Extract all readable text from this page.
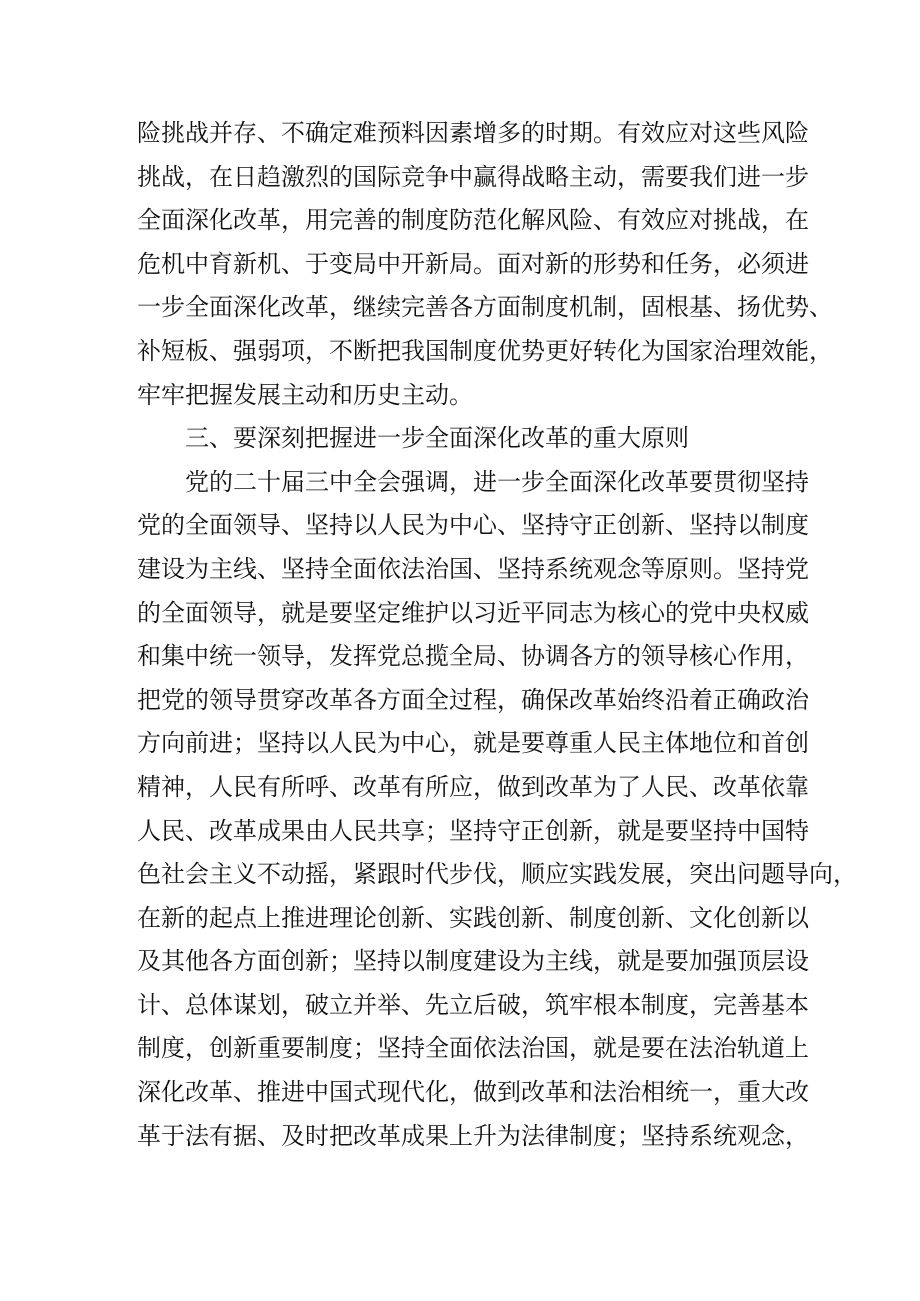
险挑战并存、不确定难预料因素增多的时期。有效应对这些风险
挑战，在日趋激烈的国际竞争中赢得战略主动，需要我们进一步
全面深化改革，用完善的制度防范化解风险、有效应对挑战，在
危机中育新机、于变局中开新局。面对新的形势和任务，必须进
一步全面深化改革，继续完善各方面制度机制，固根基、扬优势、
补短板、强弱项，不断把我国制度优势更好转化为国家治理效能，
牢牢把握发展主动和历史主动。
三、要深刻把握进一步全面深化改革的重大原则
党的二十届三中全会强调，进一步全面深化改革要贯彻坚持
党的全面领导、坚持以人民为中心、坚持守正创新、坚持以制度
建设为主线、坚持全面依法治国、坚持系统观念等原则。坚持党
的全面领导，就是要坚定维护以习近平同志为核心的党中央权威
和集中统一领导，发挥党总揽全局、协调各方的领导核心作用，
把党的领导贯穿改革各方面全过程，确保改革始终沿着正确政治
方向前进；坚持以人民为中心，就是要尊重人民主体地位和首创
精神，人民有所呼、改革有所应，做到改革为了人民、改革依靠
人民、改革成果由人民共享；坚持守正创新，就是要坚持中国特
色社会主义不动摇，紧跟时代步伐，顺应实践发展，突出问题导向，
在新的起点上推进理论创新、实践创新、制度创新、文化创新以
及其他各方面创新；坚持以制度建设为主线，就是要加强顶层设
计、总体谋划，破立并举、先立后破，筑牢根本制度，完善基本
制度，创新重要制度；坚持全面依法治国，就是要在法治轨道上
深化改革、推进中国式现代化，做到改革和法治相统一，重大改
革于法有据、及时把改革成果上升为法律制度；坚持系统观念，
